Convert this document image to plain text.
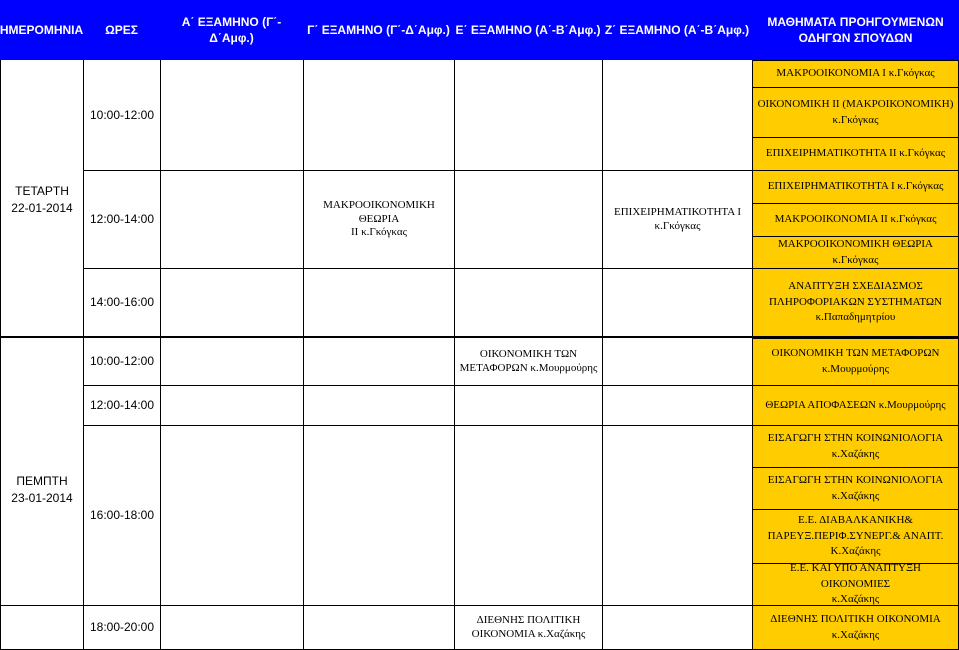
ΗΜΕΡΟΜΗΝΙΑ ΩΡΕΣ
Α΄ ΕΞΑΜΗΝΟ (Γ΄-Δ΄Αμφ.)
Γ΄ ΕΞΑΜΗΝΟ (Γ΄-Δ΄Αμφ.) Ε΄ ΕΞΑΜΗΝΟ (Α΄-Β΄Αμφ.) Ζ΄ ΕΞΑΜΗΝΟ (Α΄-Β΄Αμφ.)
ΜΑΘΗΜΑΤΑ ΠΡΟΗΓΟΥΜΕΝΩΝ
ΟΔΗΓΩΝ ΣΠΟΥΔΩΝ
ΤΕΤΑΡΤΗ
22-01-2014
10:00-12:00
12:00-14:00
14:00-16:00
ΜΑΚΡΟΟΙΚΟΝΟΜΙΚΗ ΘΕΩΡΙΑ
ΙΙ κ.Γκόγκας
ΕΠΙΧΕΙΡΗΜΑΤΙΚΟΤΗΤΑ Ι
κ.Γκόγκας
ΜΑΚΡΟΟΙΚΟΝΟΜΙΑ Ι κ.Γκόγκας
ΟΙΚΟΝΟΜΙΚΗ ΙΙ (ΜΑΚΡΟΙΚΟΝΟΜΙΚΗ)
κ.Γκόγκας
ΕΠΙΧΕΙΡΗΜΑΤΙΚΟΤΗΤΑ ΙΙ κ.Γκόγκας
ΕΠΙΧΕΙΡΗΜΑΤΙΚΟΤΗΤΑ Ι κ.Γκόγκας
ΜΑΚΡΟΟΙΚΟΝΟΜΙΑ ΙΙ κ.Γκόγκας
ΜΑΚΡΟΟΙΚΟΝΟΜΙΚΗ ΘΕΩΡΙΑ κ.Γκόγκας
ΑΝΑΠΤΥΞΗ ΣΧΕΔΙΑΣΜΟΣ
ΠΛΗΡΟΦΟΡΙΑΚΩΝ ΣΥΣΤΗΜΑΤΩΝ
κ.Παπαδημητρίου
ΠΕΜΠΤΗ
23-01-2014
10:00-12:00
12:00-14:00
16:00-18:00
18:00-20:00
ΟΙΚΟΝΟΜΙΚΗ ΤΩΝ
ΜΕΤΑΦΟΡΩΝ κ.Μουρμούρης
ΔΙΕΘΝΗΣ ΠΟΛΙΤΙΚΗ
ΟΙΚΟΝΟΜΙΑ κ.Χαζάκης
ΟΙΚΟΝΟΜΙΚΗ ΤΩΝ ΜΕΤΑΦΟΡΩΝ
κ.Μουρμούρης
ΘΕΩΡΙΑ ΑΠΟΦΑΣΕΩΝ κ.Μουρμούρης
ΕΙΣΑΓΩΓΗ ΣΤΗΝ ΚΟΙΝΩΝΙΟΛΟΓΙΑ
κ.Χαζάκης
ΕΙΣΑΓΩΓΗ ΣΤΗΝ ΚΟΙΝΩΝΙΟΛΟΓΙΑ
κ.Χαζάκης
Ε.Ε. ΔΙΑΒΑΛΚΑΝΙΚΗ&
ΠΑΡΕΥΞ.ΠΕΡΙΦ.ΣΥΝΕΡΓ.& ΑΝΑΠΤ.
Κ.Χαζάκης
Ε.Ε. ΚΑΙ ΥΠΟ ΑΝΑΠΤΥΞΗ ΟΙΚΟΝΟΜΙΕΣ
κ.Χαζάκης
ΔΙΕΘΝΗΣ ΠΟΛΙΤΙΚΗ ΟΙΚΟΝΟΜΙΑ κ.Χαζάκης
